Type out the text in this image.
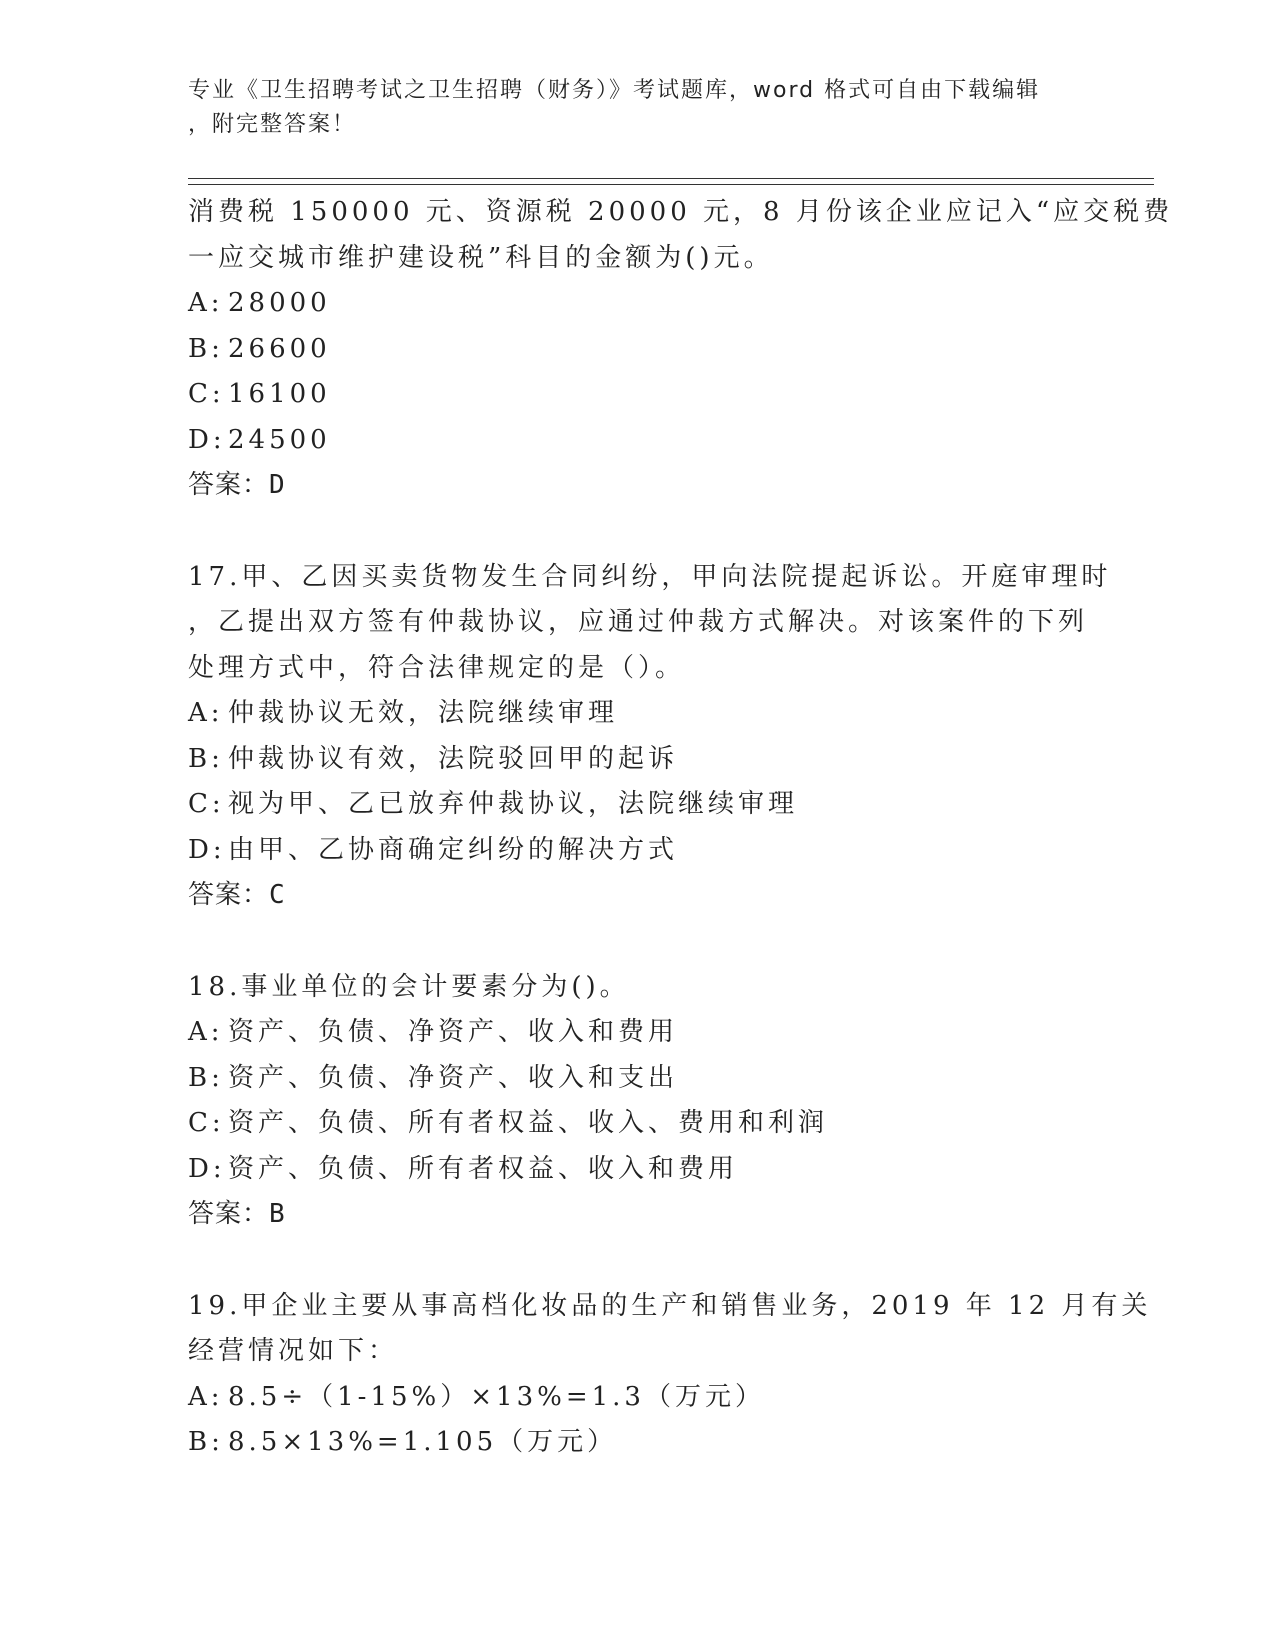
专业《卫生招聘考试之卫生招聘（财务）》考试题库，word 格式可自由下载编辑
，附完整答案！
消费税 150000 元、资源税 20000 元，8 月份该企业应记入“应交税费
一应交城市维护建设税”科目的金额为()元。
A: 28000
B: 26600
C: 16100
D:24500
答案：D
17.甲、乙因买卖货物发生合同纠纷，甲向法院提起诉讼。开庭审理时
，乙提出双方签有仲裁协议，应通过仲裁方式解决。对该案件的下列
处理方式中，符合法律规定的是（）。
A: 仲裁协议无效，法院继续审理
B: 仲裁协议有效，法院驳回甲的起诉
C: 视为甲、乙已放弃仲裁协议，法院继续审理
D:由甲、乙协商确定纠纷的解决方式
答案：C
18.事业单位的会计要素分为()。
A: 资产、负债、净资产、收入和费用
B: 资产、负债、净资产、收入和支出
C: 资产、负债、所有者权益、收入、费用和利润
D:资产、负债、所有者权益、收入和费用
答案：B
19.甲企业主要从事高档化妆品的生产和销售业务，2019 年 12 月有关
经营情况如下：
A: 8.5÷（1-15%）×13%=1.3（万元）
B: 8.5×13%=1.105（万元）
